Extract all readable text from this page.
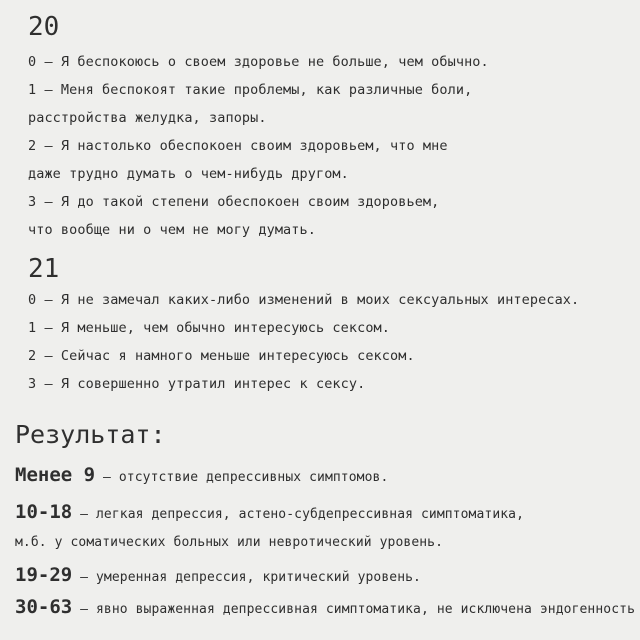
20
0 — Я беспокоюсь о своем здоровье не больше, чем обычно.
1 — Меня беспокоят такие проблемы, как различные боли,
расстройства желудка, запоры.
2 — Я настолько обеспокоен своим здоровьем, что мне
даже трудно думать о чем-нибудь другом.
3 — Я до такой степени обеспокоен своим здоровьем,
что вообще ни о чем не могу думать.
21
0 — Я не замечал каких-либо изменений в моих сексуальных интересах.
1 — Я меньше, чем обычно интересуюсь сексом.
2 — Сейчас я намного меньше интересуюсь сексом.
3 — Я совершенно утратил интерес к сексу.
Результат:
Менее 9 — отсутствие депрессивных симптомов.
10-18 — легкая депрессия, астено-субдепрессивная симптоматика,
м.б. у соматических больных или невротический уровень.
19-29 — умеренная депрессия, критический уровень.
30-63 — явно выраженная депрессивная симптоматика, не исключена эндогенность
